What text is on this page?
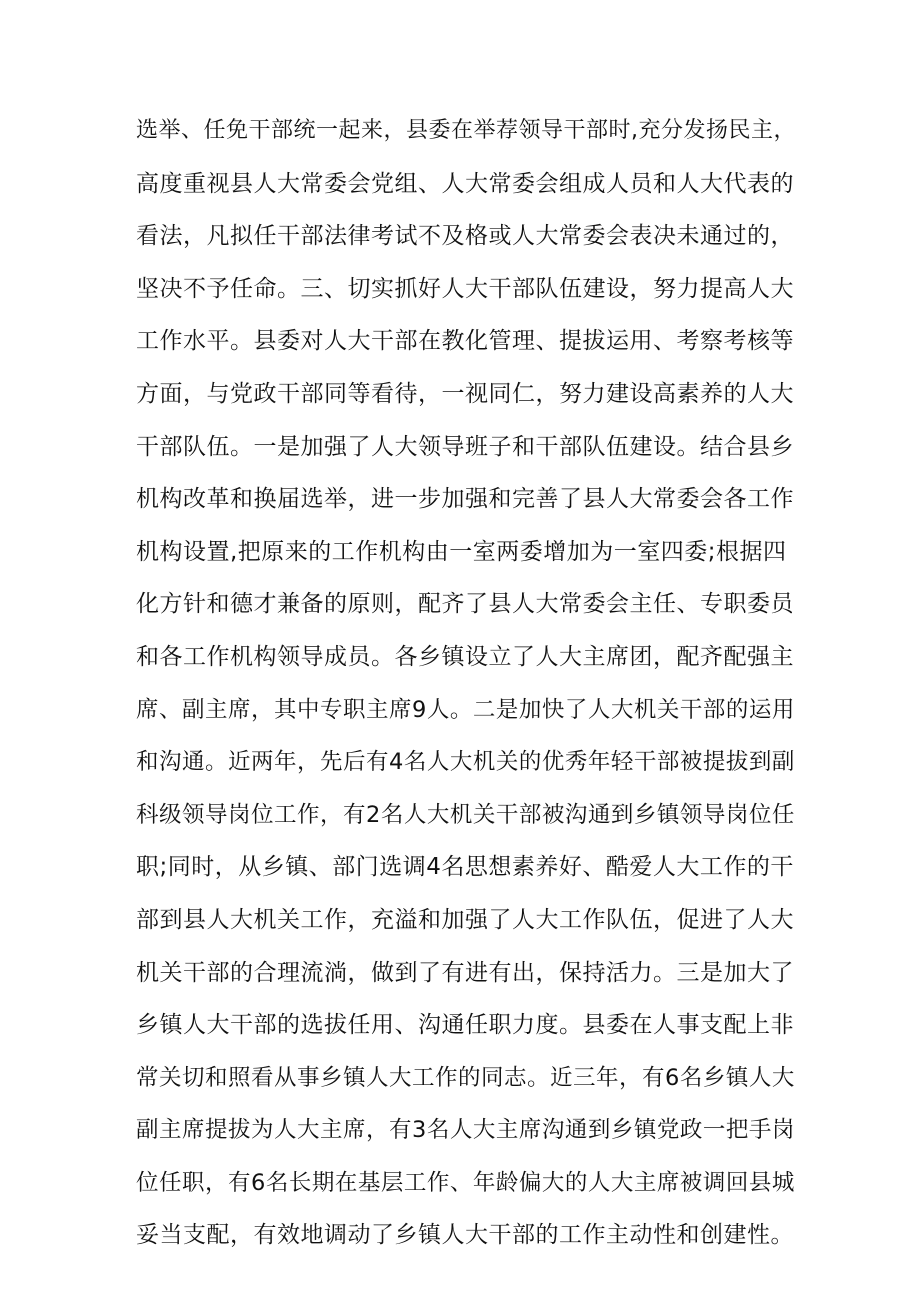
选举、任免干部统一起来，县委在举荐领导干部时,充分发扬民主，
高度重视县人大常委会党组、人大常委会组成人员和人大代表的
看法，凡拟任干部法律考试不及格或人大常委会表决未通过的，
坚决不予任命。三、切实抓好人大干部队伍建设，努力提高人大
工作水平。县委对人大干部在教化管理、提拔运用、考察考核等
方面，与党政干部同等看待，一视同仁，努力建设高素养的人大
干部队伍。一是加强了人大领导班子和干部队伍建设。结合县乡
机构改革和换届选举，进一步加强和完善了县人大常委会各工作
机构设置,把原来的工作机构由一室两委增加为一室四委;根据四
化方针和德才兼备的原则，配齐了县人大常委会主任、专职委员
和各工作机构领导成员。各乡镇设立了人大主席团，配齐配强主
席、副主席，其中专职主席9人。二是加快了人大机关干部的运用
和沟通。近两年，先后有4名人大机关的优秀年轻干部被提拔到副
科级领导岗位工作，有2名人大机关干部被沟通到乡镇领导岗位任
职;同时，从乡镇、部门选调4名思想素养好、酷爱人大工作的干
部到县人大机关工作，充溢和加强了人大工作队伍，促进了人大
机关干部的合理流淌，做到了有进有出，保持活力。三是加大了
乡镇人大干部的选拔任用、沟通任职力度。县委在人事支配上非
常关切和照看从事乡镇人大工作的同志。近三年，有6名乡镇人大
副主席提拔为人大主席，有3名人大主席沟通到乡镇党政一把手岗
位任职，有6名长期在基层工作、年龄偏大的人大主席被调回县城
妥当支配，有效地调动了乡镇人大干部的工作主动性和创建性。
